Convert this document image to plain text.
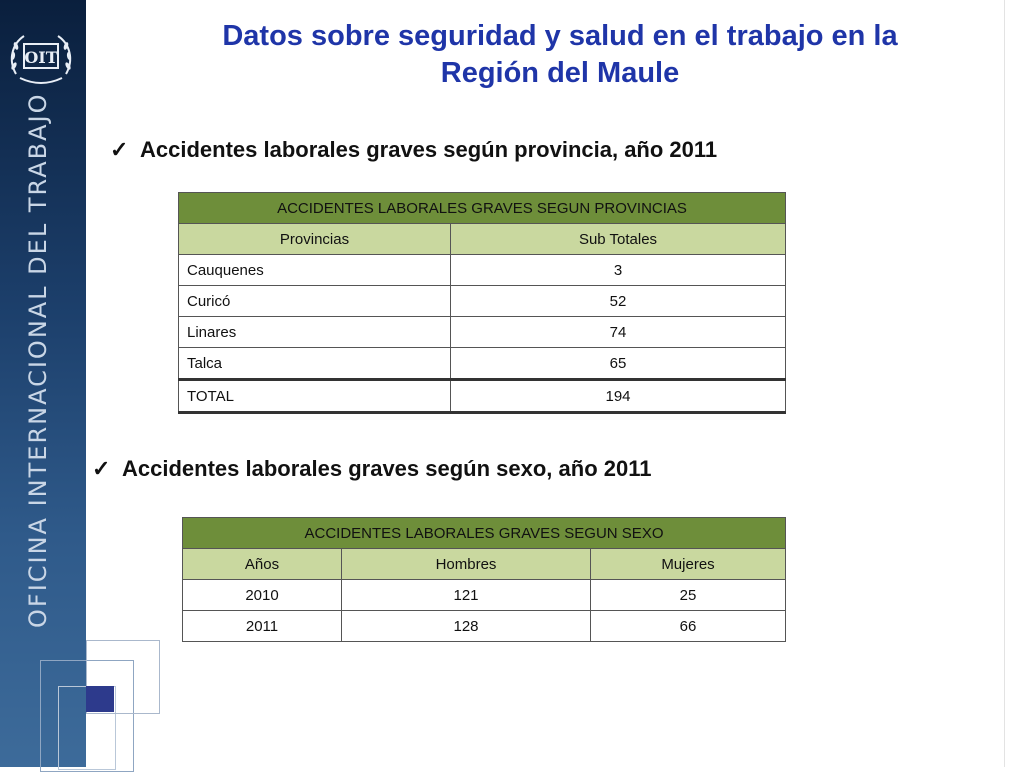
OIT
OFICINA INTERNACIONAL DEL TRABAJO
Datos sobre seguridad y salud en el trabajo en la
Región del Maule
✓ Accidentes laborales graves según provincia, año 2011
ACCIDENTES LABORALES GRAVES SEGUN PROVINCIAS	
Provincias	Sub Totales
Cauquenes	3
Curicó	52
Linares	74
Talca	65
TOTAL	194
✓ Accidentes laborales graves según sexo, año 2011
ACCIDENTES LABORALES GRAVES SEGUN SEXO		
Años	Hombres	Mujeres
2010	121	25
2011	128	66
